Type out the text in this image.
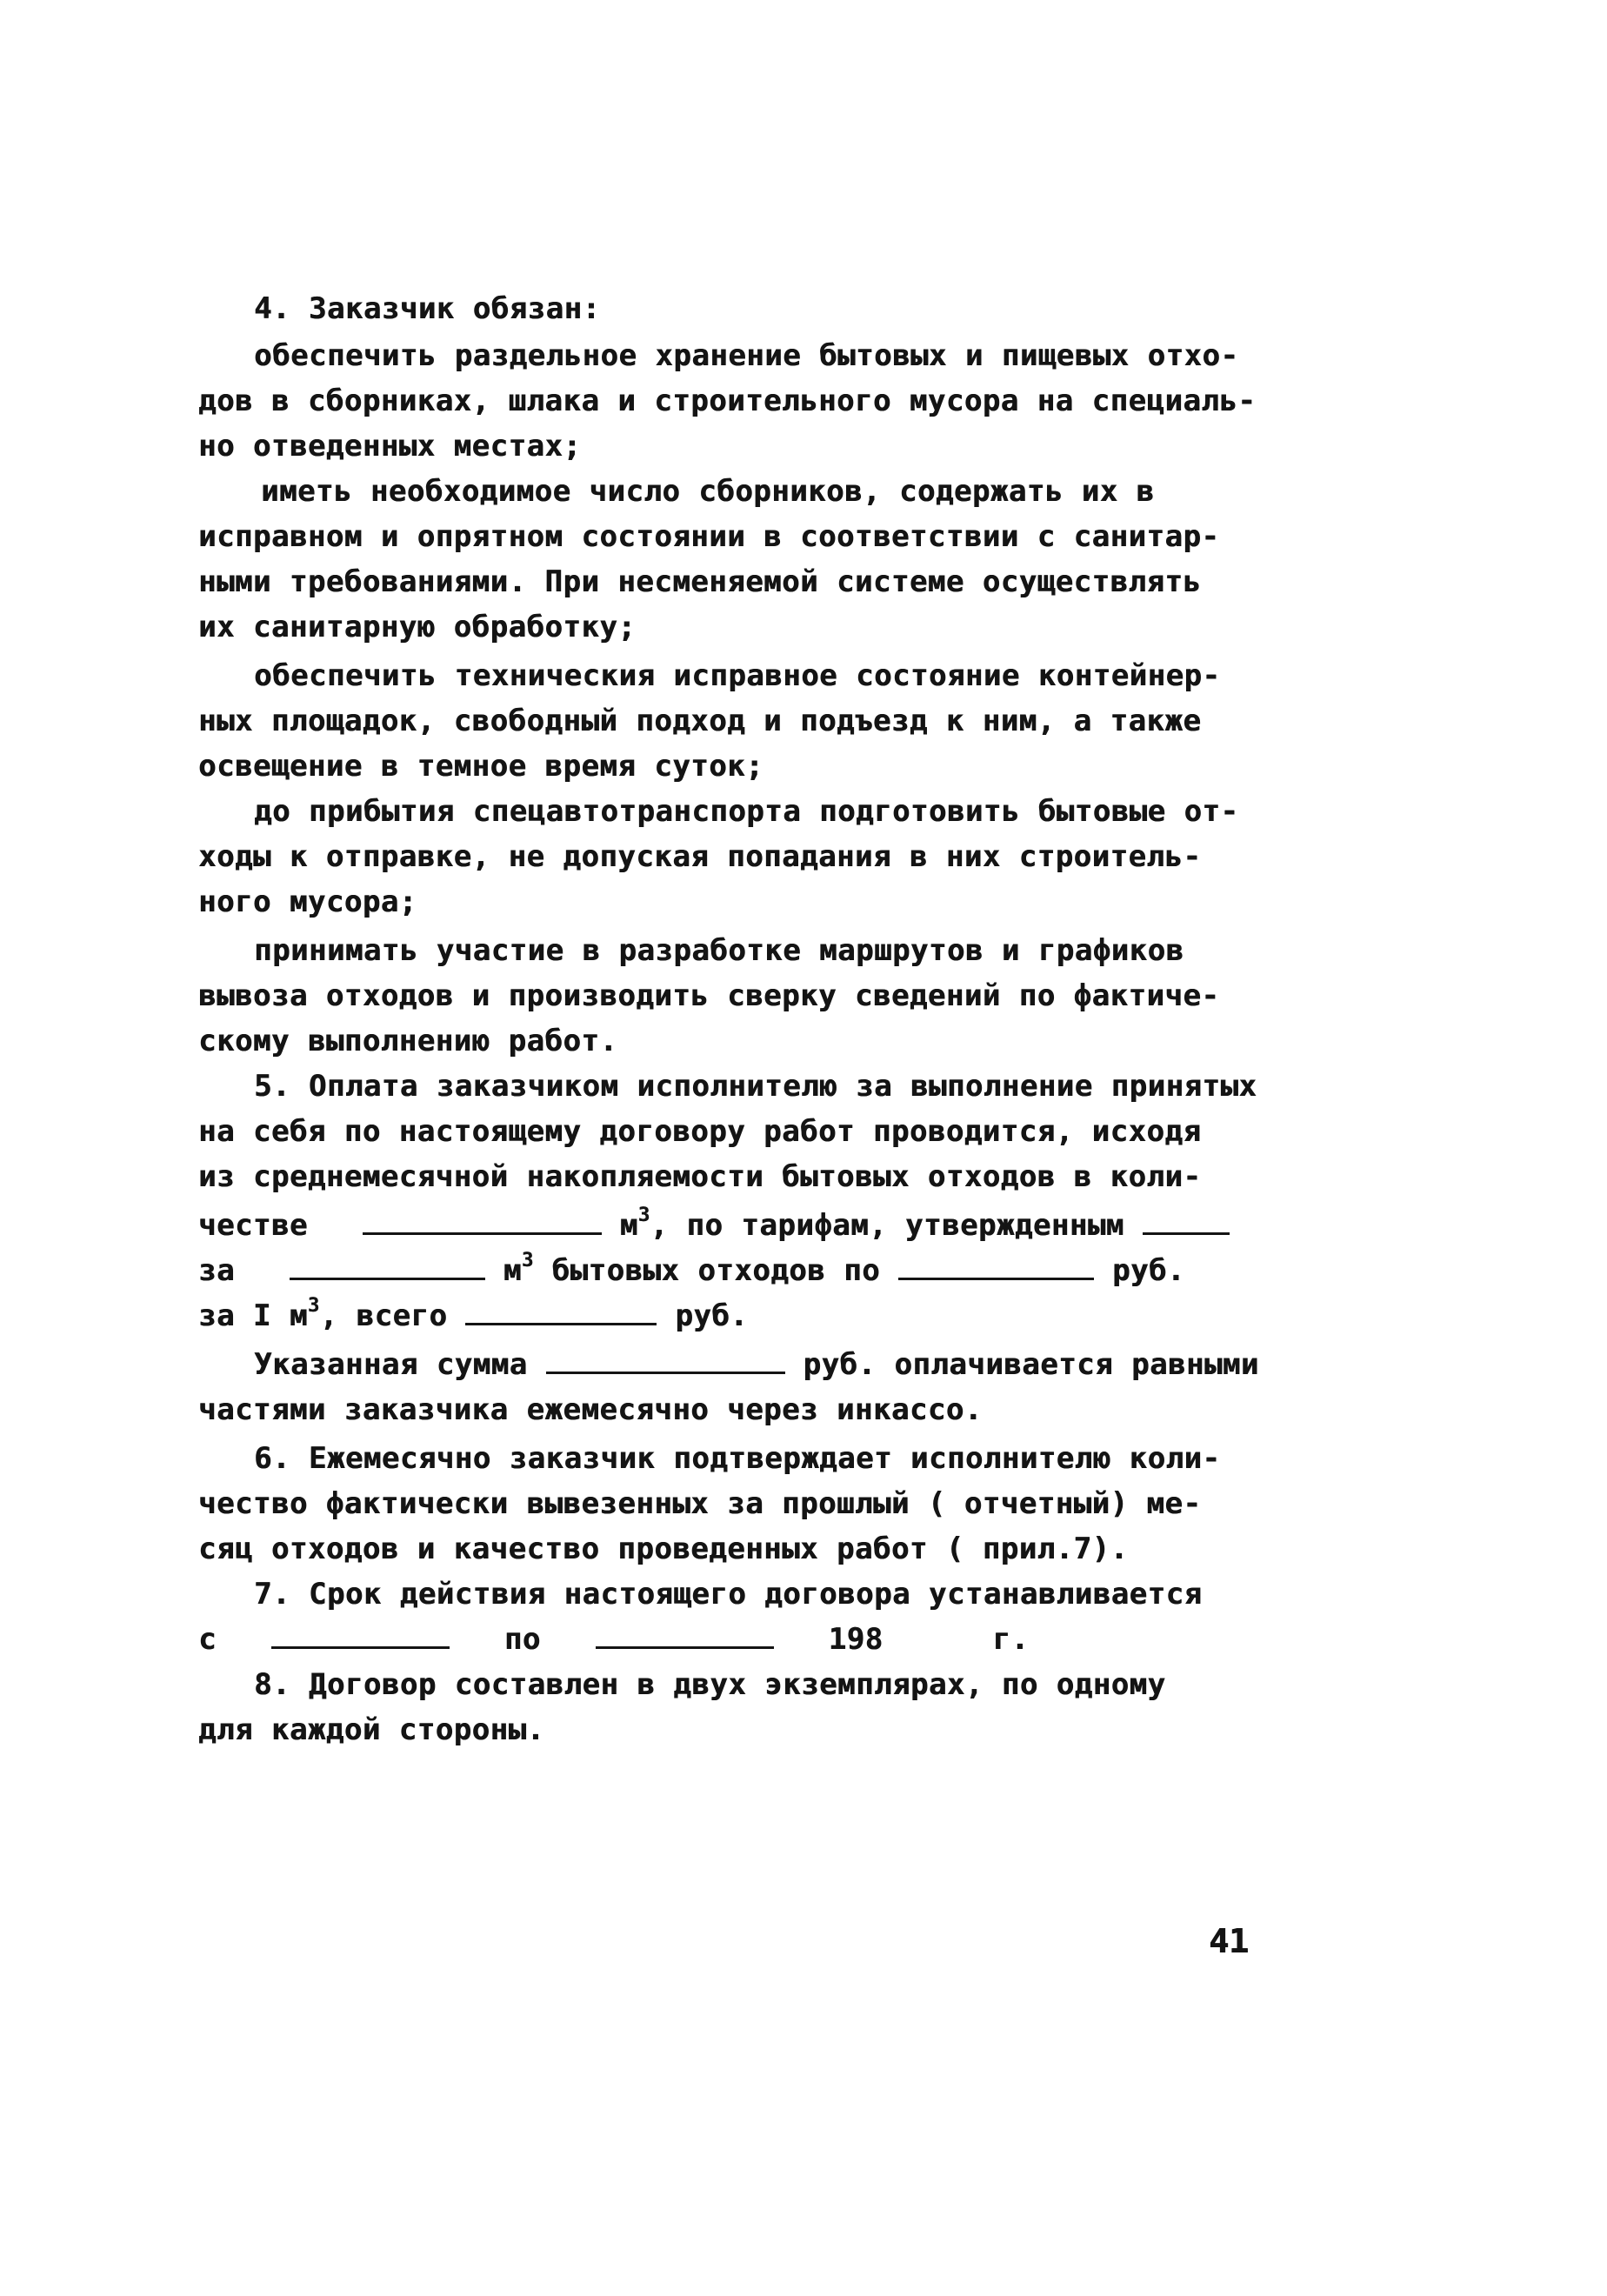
4. Заказчик обязан:
обеспечить раздельное хранение бытовых и пищевых отхо-
дов в сборниках, шлака и строительного мусора на специаль-
но отведенных местах;
иметь необходимое число сборников, содержать их в
исправном и опрятном состоянии в соответствии с санитар-
ными требованиями. При несменяемой системе осуществлять
их санитарную обработку;
обеспечить техническия исправное состояние контейнер-
ных площадок, свободный подход и подъезд к ним, а также
освещение в темное время суток;
до прибытия спецавтотранспорта подготовить бытовые от-
ходы к отправке, не допуская попадания в них строитель-
ного мусора;
принимать участие в разработке маршрутов и графиков
вывоза отходов и производить сверку сведений по фактиче-
скому выполнению работ.
5. Оплата заказчиком исполнителю за выполнение принятых
на себя по настоящему договору работ проводится, исходя
из среднемесячной накопляемости бытовых отходов в коли-
честве	$м^3$, по тарифам, утвержденным
за	$м^3$ бытовых отходов по	руб.
за I $м^3$, всего	руб.
Указанная сумма	руб. оплачивается равными
частями заказчика ежемесячно через инкассо.
6. Ежемесячно заказчик подтверждает исполнителю коли-
чество фактически вывезенных за прошлый ( отчетный) ме-
сяц отходов и качество проведенных работ ( прил.7).
7. Срок действия настоящего договора устанавливается
с	по	198	г.
8. Договор составлен в двух экземплярах, по одному
для каждой стороны.
41
